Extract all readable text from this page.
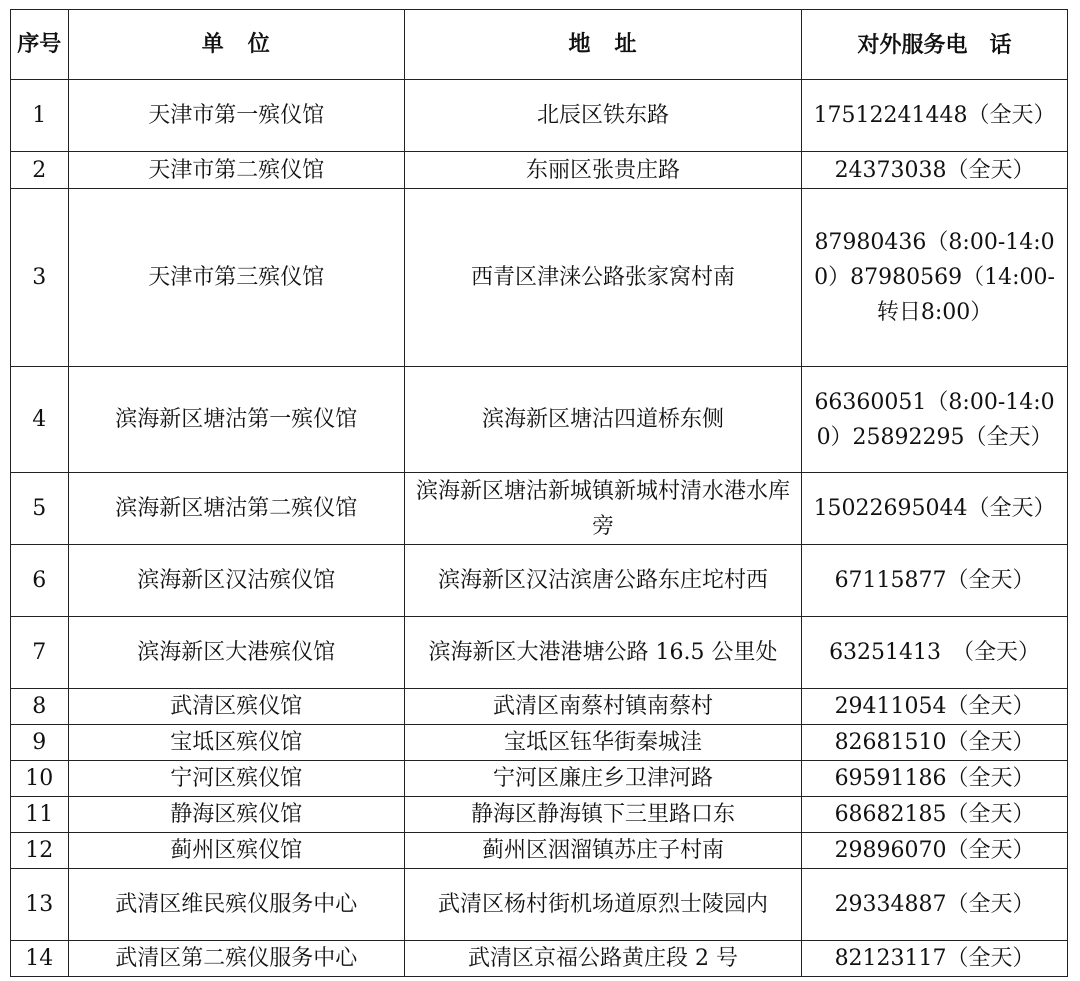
序号	单　位	地　址	对外服务电　话
1	天津市第一殡仪馆	北辰区铁东路	17512241448（全天）
2	天津市第二殡仪馆	东丽区张贵庄路	24373038（全天）
3	天津市第三殡仪馆	西青区津涞公路张家窝村南	87980436（8:00-14:00）87980569（14:00-转日8:00）
4	滨海新区塘沽第一殡仪馆	滨海新区塘沽四道桥东侧	66360051（8:00-14:00）25892295（全天）
5	滨海新区塘沽第二殡仪馆	滨海新区塘沽新城镇新城村清水港水库旁	15022695044（全天）
6	滨海新区汉沽殡仪馆	滨海新区汉沽滨唐公路东庄坨村西	67115877（全天）
7	滨海新区大港殡仪馆	滨海新区大港港塘公路 16.5 公里处	63251413　（全天）
8	武清区殡仪馆	武清区南蔡村镇南蔡村	29411054（全天）
9	宝坻区殡仪馆	宝坻区钰华街秦城洼	82681510（全天）
10	宁河区殡仪馆	宁河区廉庄乡卫津河路	69591186（全天）
11	静海区殡仪馆	静海区静海镇下三里路口东	68682185（全天）
12	蓟州区殡仪馆	蓟州区洇溜镇苏庄子村南	29896070（全天）
13	武清区维民殡仪服务中心	武清区杨村街机场道原烈士陵园内	29334887（全天）
14	武清区第二殡仪服务中心	武清区京福公路黄庄段 2 号	82123117（全天）
